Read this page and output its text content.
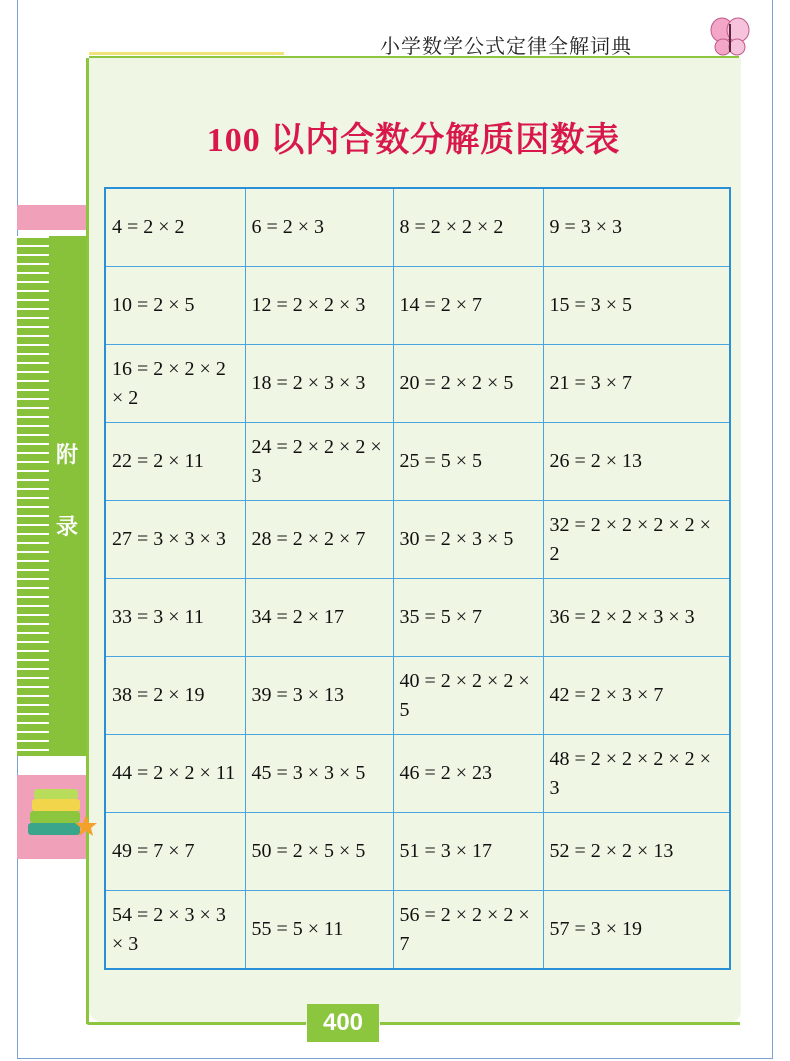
小学数学公式定律全解词典
100 以内合数分解质因数表
附
录
4 = 2 × 2	6 = 2 × 3	8 = 2 × 2 × 2	9 = 3 × 3
10 = 2 × 5	12 = 2 × 2 × 3	14 = 2 × 7	15 = 3 × 5
16 = 2 × 2 × 2 × 2	18 = 2 × 3 × 3	20 = 2 × 2 × 5	21 = 3 × 7
22 = 2 × 11	24 = 2 × 2 × 2 × 3	25 = 5 × 5	26 = 2 × 13
27 = 3 × 3 × 3	28 = 2 × 2 × 7	30 = 2 × 3 × 5	32 = 2 × 2 × 2 × 2 × 2
33 = 3 × 11	34 = 2 × 17	35 = 5 × 7	36 = 2 × 2 × 3 × 3
38 = 2 × 19	39 = 3 × 13	40 = 2 × 2 × 2 × 5	42 = 2 × 3 × 7
44 = 2 × 2 × 11	45 = 3 × 3 × 5	46 = 2 × 23	48 = 2 × 2 × 2 × 2 × 3
49 = 7 × 7	50 = 2 × 5 × 5	51 = 3 × 17	52 = 2 × 2 × 13
54 = 2 × 3 × 3 × 3	55 = 5 × 11	56 = 2 × 2 × 2 × 7	57 = 3 × 19
400
